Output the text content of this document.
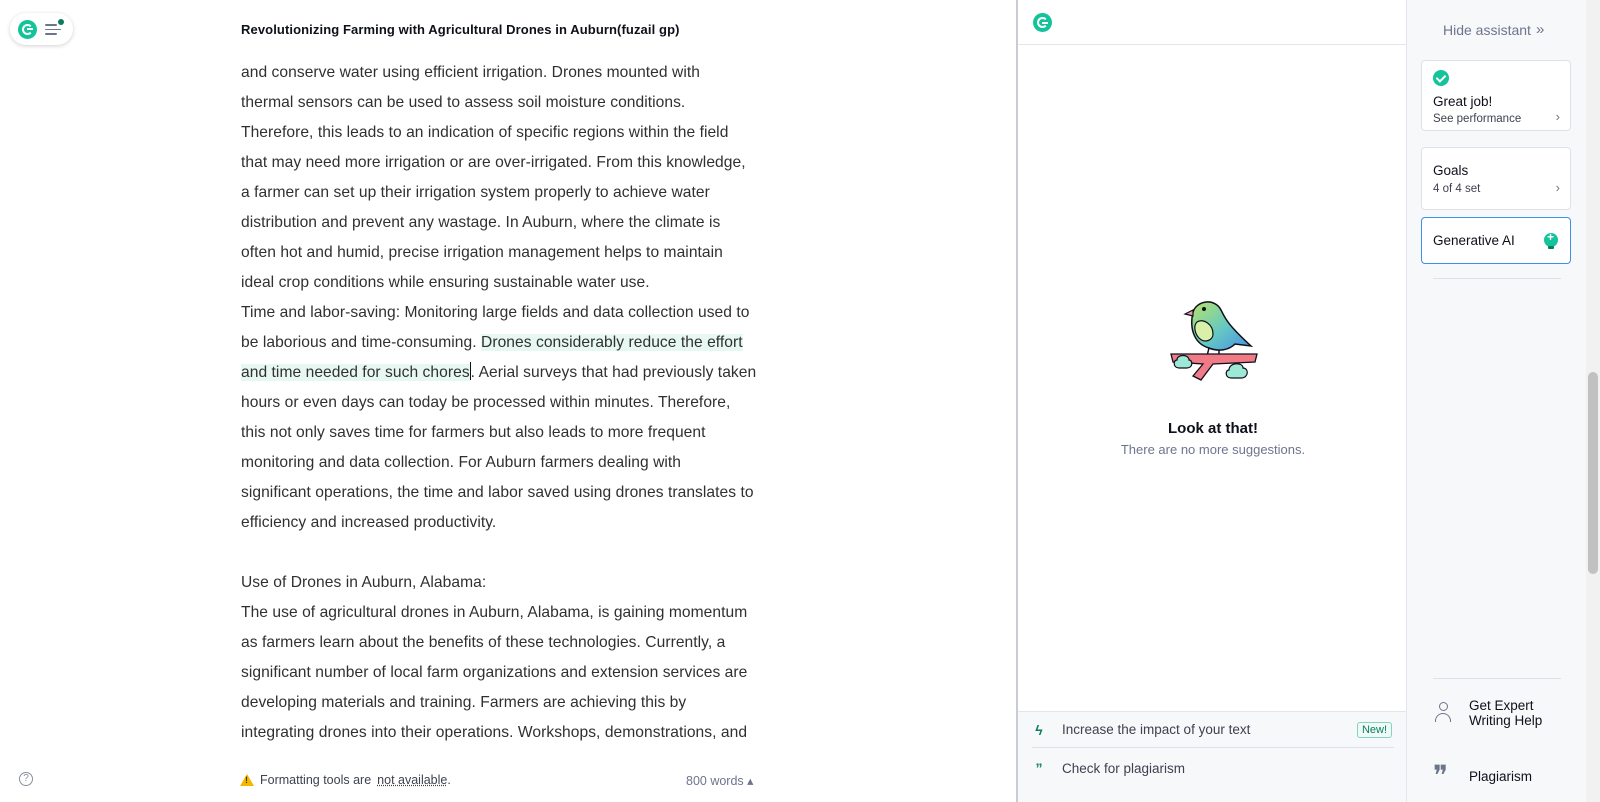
Revolutionizing Farming with Agricultural Drones in Auburn(fuzail gp)

and conserve water using efficient irrigation. Drones mounted with

thermal sensors can be used to assess soil moisture conditions.

Therefore, this leads to an indication of specific regions within the field

that may need more irrigation or are over-irrigated. From this knowledge,

a farmer can set up their irrigation system properly to achieve water

distribution and prevent any wastage. In Auburn, where the climate is

often hot and humid, precise irrigation management helps to maintain

ideal crop conditions while ensuring sustainable water use.

Time and labor-saving: Monitoring large fields and data collection used to

be laborious and time-consuming. Drones considerably reduce the effort

and time needed for such chores. Aerial surveys that had previously taken

hours or even days can today be processed within minutes. Therefore,

this not only saves time for farmers but also leads to more frequent

monitoring and data collection. For Auburn farmers dealing with

significant operations, the time and labor saved using drones translates to

efficiency and increased productivity.

Use of Drones in Auburn, Alabama:

The use of agricultural drones in Auburn, Alabama, is gaining momentum

as farmers learn about the benefits of these technologies. Currently, a

significant number of local farm organizations and extension services are

developing materials and training. Farmers are achieving this by

integrating drones into their operations. Workshops, demonstrations, and

?
!	Formatting tools are not available .	800 words ▴
Look at that!
There are no more suggestions.
ϟ Increase the impact of your text	New!
” Check for plagiarism
Hide assistant »
Great job!
See performance	›
Goals
4 of 4 set	›
Generative AI
+
Get Expert
Writing Help
❞	Plagiarism
